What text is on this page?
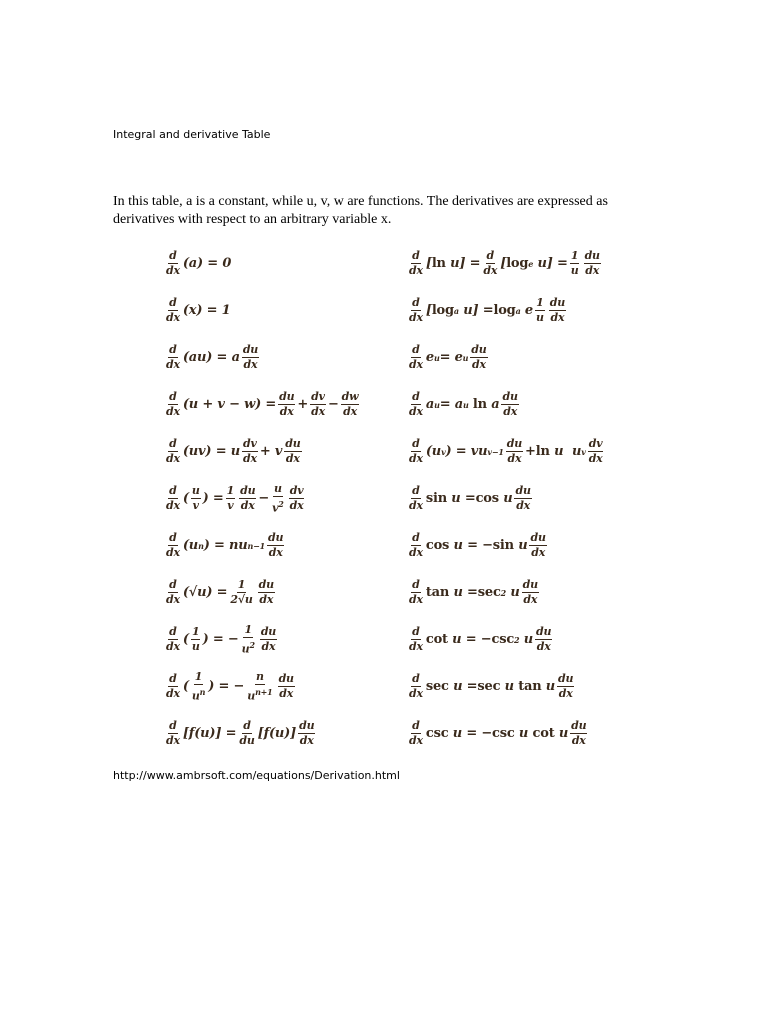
Integral and derivative Table
In this table, a is a constant, while u, v, w are functions. The derivatives are expressed as derivatives with respect to an arbitrary variable x.
$\frac{d}{dx} (a) = 0$
$\frac{d}{dx} (x) = 1$
$\frac{d}{dx} (au) = a \frac{du}{dx}$
$\frac{d}{dx} (u + v - w) = \frac{du}{dx} + \frac{dv}{dx} - \frac{dw}{dx}$
$\frac{d}{dx} (uv) = u \frac{dv}{dx} + v \frac{du}{dx}$
$\frac{d}{dx}$ ( $\frac{u}{v}$ ) = $\frac{1}{v} \frac{du}{dx} - \frac{u}{v^2} \frac{dv}{dx}$
$\frac{d}{dx} (u$ n ) = nu $n-1 \frac{du}{dx}$
$\frac{d}{dx} (√u) = \frac{1}{2√u} \frac{du}{dx}$
$\frac{d}{dx}$ ( $\frac{1}{u}$ ) = − $\frac{1}{u^2} \frac{du}{dx}$
$\frac{d}{dx}$ ( $\frac{1}{u^n}$ ) = − $\frac{n}{u^{n+1}} \frac{du}{dx}$
$\frac{d}{dx} [f(u)] = \frac{d}{du} [f(u)] \frac{du}{dx}$
$\frac{d}{dx}$ [ $\ln u] = \frac{d}{dx}$ [ log e $u] = \frac{1}{u} \frac{du}{dx}$
$\frac{d}{dx}$ [ log a u] = log a e $\frac{1}{u} \frac{du}{dx}$
$\frac{d}{dx}$ e u = e u $\frac{du}{dx}$
$\frac{d}{dx}$ a u = a u
ln a $\frac{du}{dx}$
$\frac{d}{dx} (u$ v ) = vu $v-1 \frac{du}{dx} + \ln u$  u v $\frac{dv}{dx}$
$\frac{d}{dx}$ sin u = cos u $\frac{du}{dx}$
$\frac{d}{dx}$ cos u = − sin u $\frac{du}{dx}$
$\frac{d}{dx}$ tan u = sec 2 u $\frac{du}{dx}$
$\frac{d}{dx}$ cot u = − csc 2 u $\frac{du}{dx}$
$\frac{d}{dx}$ sec u = sec u tan u $\frac{du}{dx}$
$\frac{d}{dx}$ csc u = − csc u cot u $\frac{du}{dx}$
http://www.ambrsoft.com/equations/Derivation.html
